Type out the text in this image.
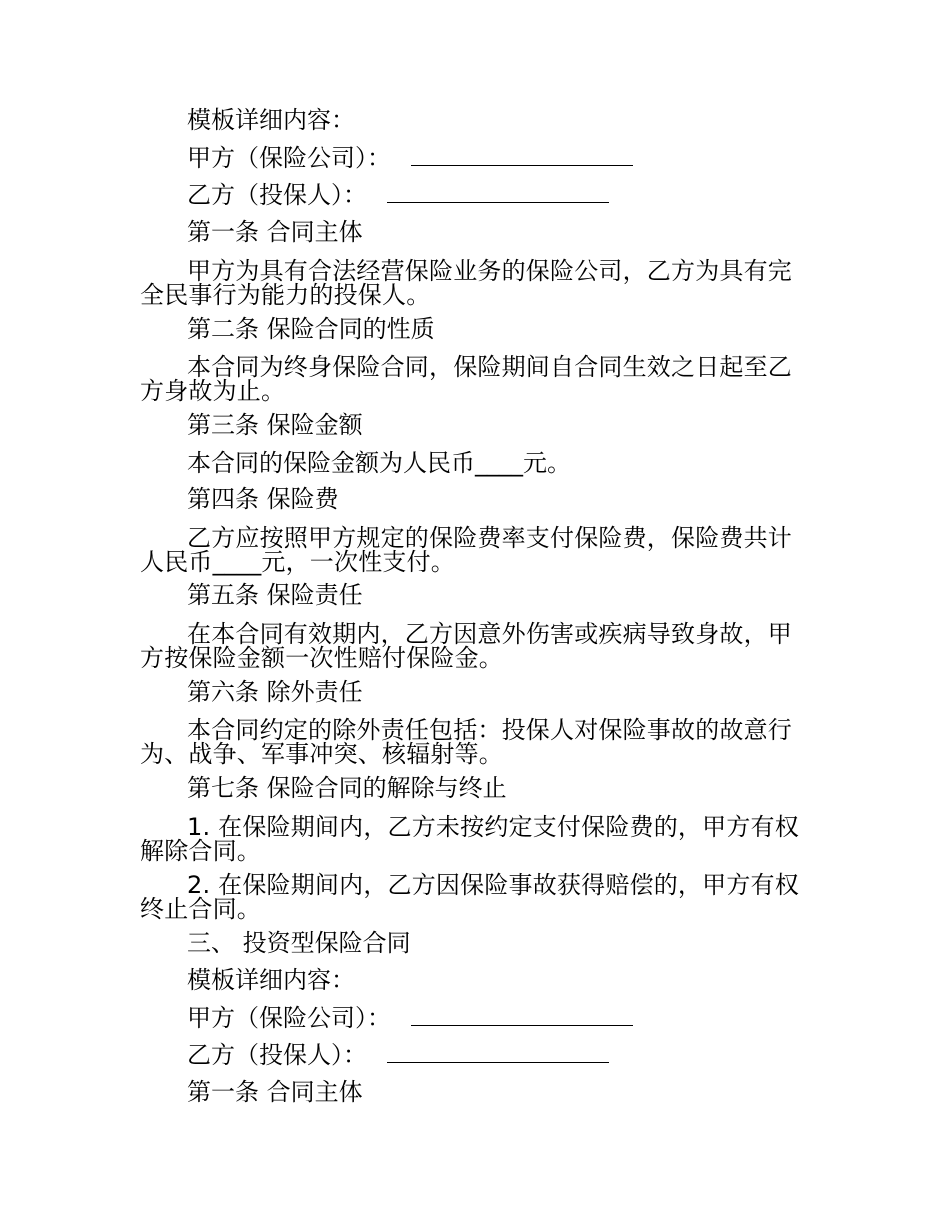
模板详细内容：
甲方（保险公司）：
乙方（投保人）：
第一条 合同主体
甲方为具有合法经营保险业务的保险公司，乙方为具有完全民事行为能力的投保人。
第二条 保险合同的性质
本合同为终身保险合同，保险期间自合同生效之日起至乙方身故为止。
第三条 保险金额
本合同的保险金额为人民币____元。
第四条 保险费
乙方应按照甲方规定的保险费率支付保险费，保险费共计人民币____元，一次性支付。
第五条 保险责任
在本合同有效期内，乙方因意外伤害或疾病导致身故，甲方按保险金额一次性赔付保险金。
第六条 除外责任
本合同约定的除外责任包括：投保人对保险事故的故意行为、战争、军事冲突、核辐射等。
第七条 保险合同的解除与终止
1. 在保险期间内，乙方未按约定支付保险费的，甲方有权解除合同。
2. 在保险期间内，乙方因保险事故获得赔偿的，甲方有权终止合同。
三、 投资型保险合同
模板详细内容：
甲方（保险公司）：
乙方（投保人）：
第一条 合同主体
